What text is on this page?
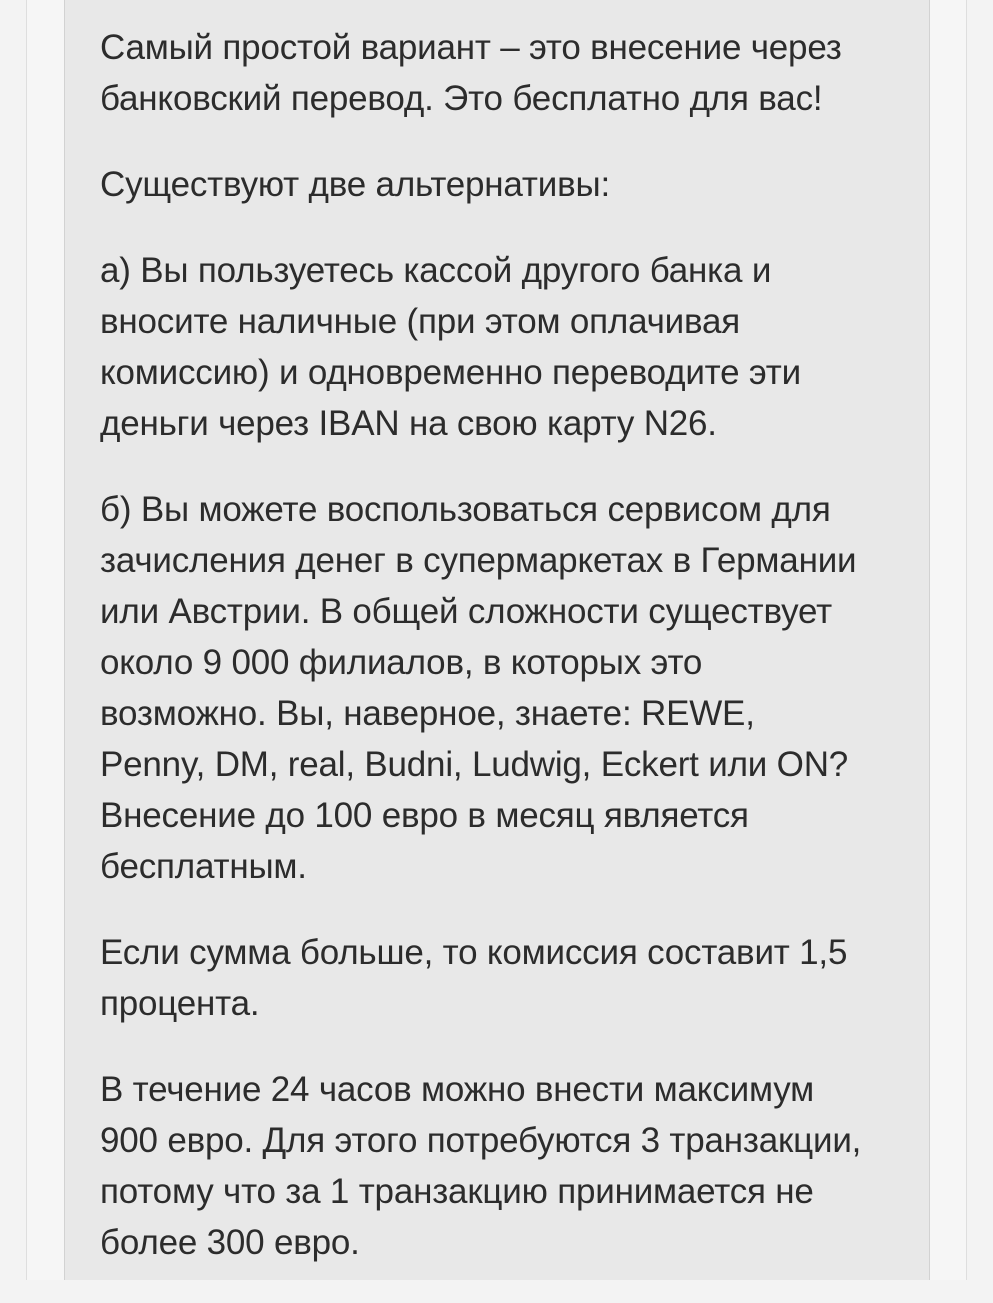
Самый простой вариант – это внесение через
банковский перевод. Это бесплатно для вас!

Существуют две альтернативы:

а) Вы пользуетесь кассой другого банка и
вносите наличные (при этом оплачивая
комиссию) и одновременно переводите эти
деньги через IBAN на свою карту N26.

б) Вы можете воспользоваться сервисом для
зачисления денег в супермаркетах в Германии
или Австрии. В общей сложности существует
около 9 000 филиалов, в которых это
возможно. Вы, наверное, знаете: REWE,
Penny, DM, real, Budni, Ludwig, Eckert или ON?
Внесение до 100 евро в месяц является
бесплатным.

Если сумма больше, то комиссия составит 1,5
процента.

В течение 24 часов можно внести максимум
900 евро. Для этого потребуются 3 транзакции,
потому что за 1 транзакцию принимается не
более 300 евро.
